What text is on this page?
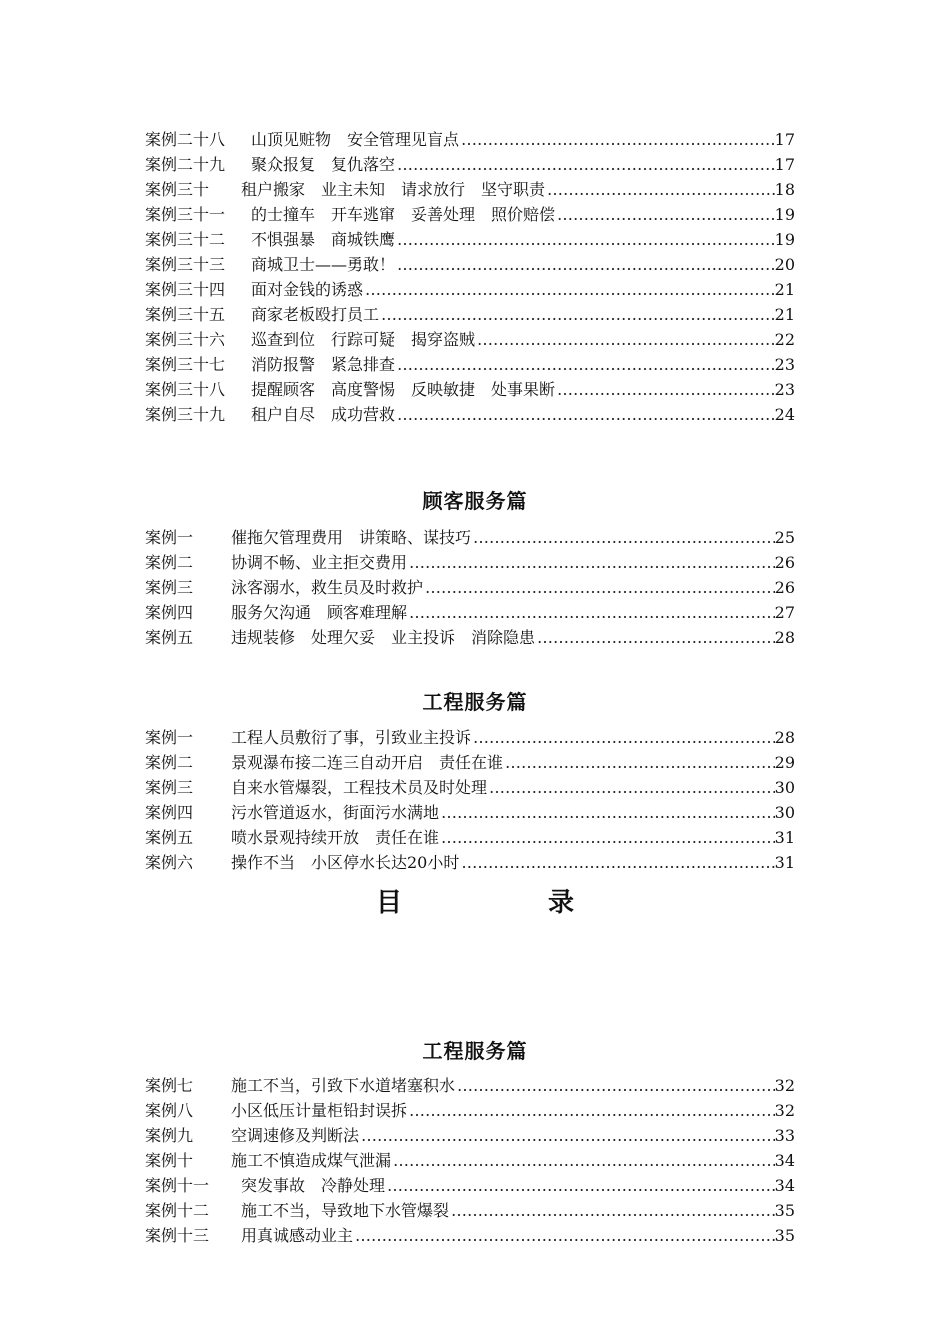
案例二十八	山顶见赃物　安全管理见盲点 …………………………………………………………………………………………………………………………………………………………………………………………	17
案例二十九	聚众报复　复仇落空 …………………………………………………………………………………………………………………………………………………………………………………………	17
案例三十	租户搬家　业主未知　请求放行　坚守职责 …………………………………………………………………………………………………………………………………………………………………………………………	18
案例三十一	的士撞车　开车逃窜　妥善处理　照价赔偿 …………………………………………………………………………………………………………………………………………………………………………………………	19
案例三十二	不惧强暴　商城铁鹰 …………………………………………………………………………………………………………………………………………………………………………………………	19
案例三十三	商城卫士——勇敢！ …………………………………………………………………………………………………………………………………………………………………………………………	20
案例三十四	面对金钱的诱惑 …………………………………………………………………………………………………………………………………………………………………………………………	21
案例三十五	商家老板殴打员工 …………………………………………………………………………………………………………………………………………………………………………………………	21
案例三十六	巡查到位　行踪可疑　揭穿盗贼 …………………………………………………………………………………………………………………………………………………………………………………………	22
案例三十七	消防报警　紧急排查 …………………………………………………………………………………………………………………………………………………………………………………………	23
案例三十八	提醒顾客　高度警惕　反映敏捷　处事果断 …………………………………………………………………………………………………………………………………………………………………………………………	23
案例三十九	租户自尽　成功营救 …………………………………………………………………………………………………………………………………………………………………………………………	24
顾客服务篇
案例一	催拖欠管理费用　讲策略、谋技巧 …………………………………………………………………………………………………………………………………………………………………………………………	25
案例二	协调不畅、业主拒交费用 …………………………………………………………………………………………………………………………………………………………………………………………	26
案例三	泳客溺水，救生员及时救护 …………………………………………………………………………………………………………………………………………………………………………………………	26
案例四	服务欠沟通　顾客难理解 …………………………………………………………………………………………………………………………………………………………………………………………	27
案例五	违规装修　处理欠妥　业主投诉　消除隐患 …………………………………………………………………………………………………………………………………………………………………………………………	28
工程服务篇
案例一	工程人员敷衍了事，引致业主投诉 …………………………………………………………………………………………………………………………………………………………………………………………	28
案例二	景观瀑布接二连三自动开启　责任在谁 …………………………………………………………………………………………………………………………………………………………………………………………	29
案例三	自来水管爆裂，工程技术员及时处理 …………………………………………………………………………………………………………………………………………………………………………………………	30
案例四	污水管道返水，街面污水满地 …………………………………………………………………………………………………………………………………………………………………………………………	30
案例五	喷水景观持续开放　责任在谁 …………………………………………………………………………………………………………………………………………………………………………………………	31
案例六	操作不当　小区停水长达20小时 …………………………………………………………………………………………………………………………………………………………………………………………	31
目　录
工程服务篇
案例七	施工不当，引致下水道堵塞积水 …………………………………………………………………………………………………………………………………………………………………………………………	32
案例八	小区低压计量柜铅封误拆 …………………………………………………………………………………………………………………………………………………………………………………………	32
案例九	空调速修及判断法 …………………………………………………………………………………………………………………………………………………………………………………………	33
案例十	施工不慎造成煤气泄漏 …………………………………………………………………………………………………………………………………………………………………………………………	34
案例十一	突发事故　冷静处理 …………………………………………………………………………………………………………………………………………………………………………………………	34
案例十二	施工不当，导致地下水管爆裂 …………………………………………………………………………………………………………………………………………………………………………………………	35
案例十三	用真诚感动业主 …………………………………………………………………………………………………………………………………………………………………………………………	35
